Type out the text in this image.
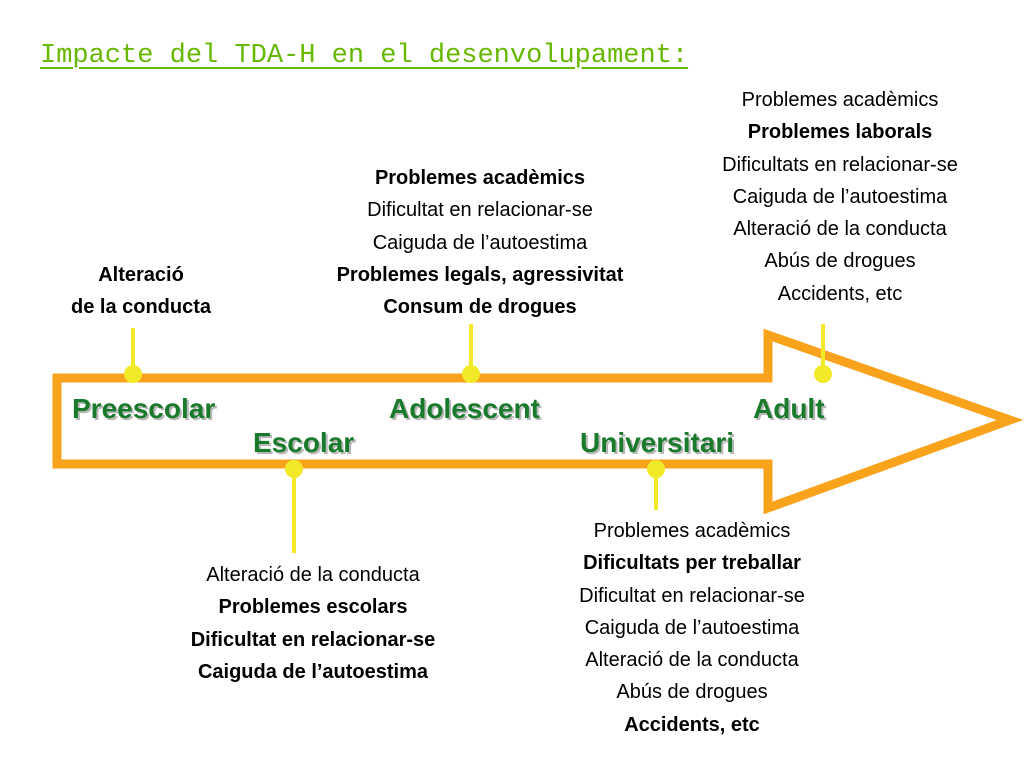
Impacte del TDA-H en el desenvolupament:
Preescolar
Escolar
Adolescent
Universitari
Adult
Alteració
de la conducta
Problemes acadèmics
Dificultat en relacionar-se
Caiguda de l’autoestima
Problemes legals, agressivitat
Consum de drogues
Problemes acadèmics
Problemes laborals
Dificultats en relacionar-se
Caiguda de l’autoestima
Alteració de la conducta
Abús de drogues
Accidents, etc
Alteració de la conducta
Problemes escolars
Dificultat en relacionar-se
Caiguda de l’autoestima
Problemes acadèmics
Dificultats per treballar
Dificultat en relacionar-se
Caiguda de l’autoestima
Alteració de la conducta
Abús de drogues
Accidents, etc
